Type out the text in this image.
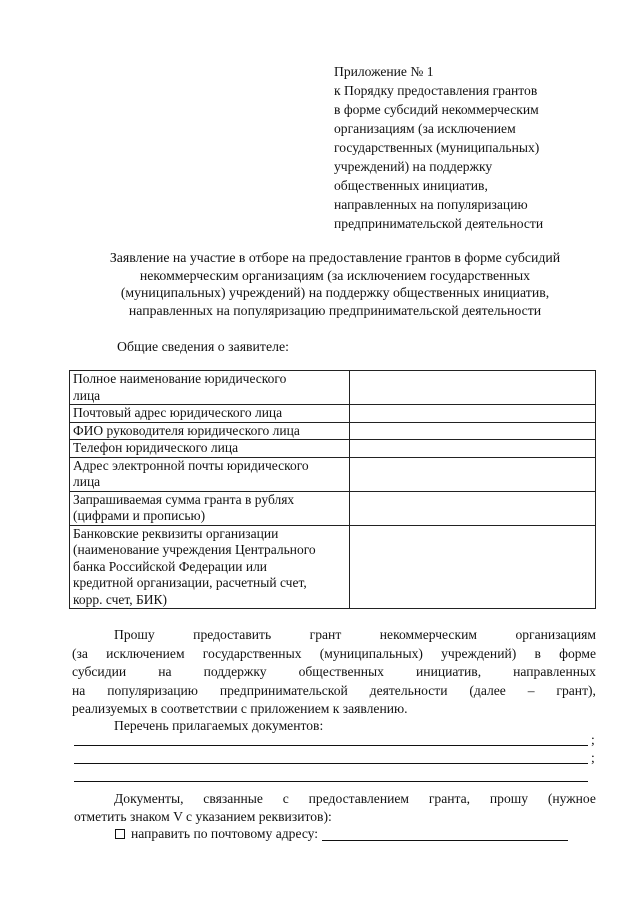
Приложение № 1
к Порядку предоставления грантов
в форме субсидий некоммерческим
организациям (за исключением
государственных (муниципальных)
учреждений) на поддержку
общественных инициатив,
направленных на популяризацию
предпринимательской деятельности
Заявление на участие в отборе на предоставление грантов в форме субсидий
некоммерческим организациям (за исключением государственных
(муниципальных) учреждений) на поддержку общественных инициатив,
направленных на популяризацию предпринимательской деятельности
Общие сведения о заявителе:
Полное наименование юридического
лица	

Почтовый адрес юридического лица	

ФИО руководителя юридического лица	

Телефон юридического лица	

Адрес электронной почты юридического
лица	

Запрашиваемая сумма гранта в рублях
(цифрами и прописью)	

Банковские реквизиты организации
(наименование учреждения Центрального
банка Российской Федерации или
кредитной организации, расчетный счет,
корр. счет, БИК)	

Прошу	предоставить	грант	некоммерческим	организациям
(за исключением государственных (муниципальных) учреждений) в форме
субсидии на поддержку общественных инициатив, направленных
на популяризацию предпринимательской деятельности (далее – грант),
реализуемых в соответствии с приложением к заявлению.
Перечень прилагаемых документов:
;
;
Документы, связанные с предоставлением гранта, прошу (нужное
отметить знаком V с указанием реквизитов):
направить по почтовому адресу:
